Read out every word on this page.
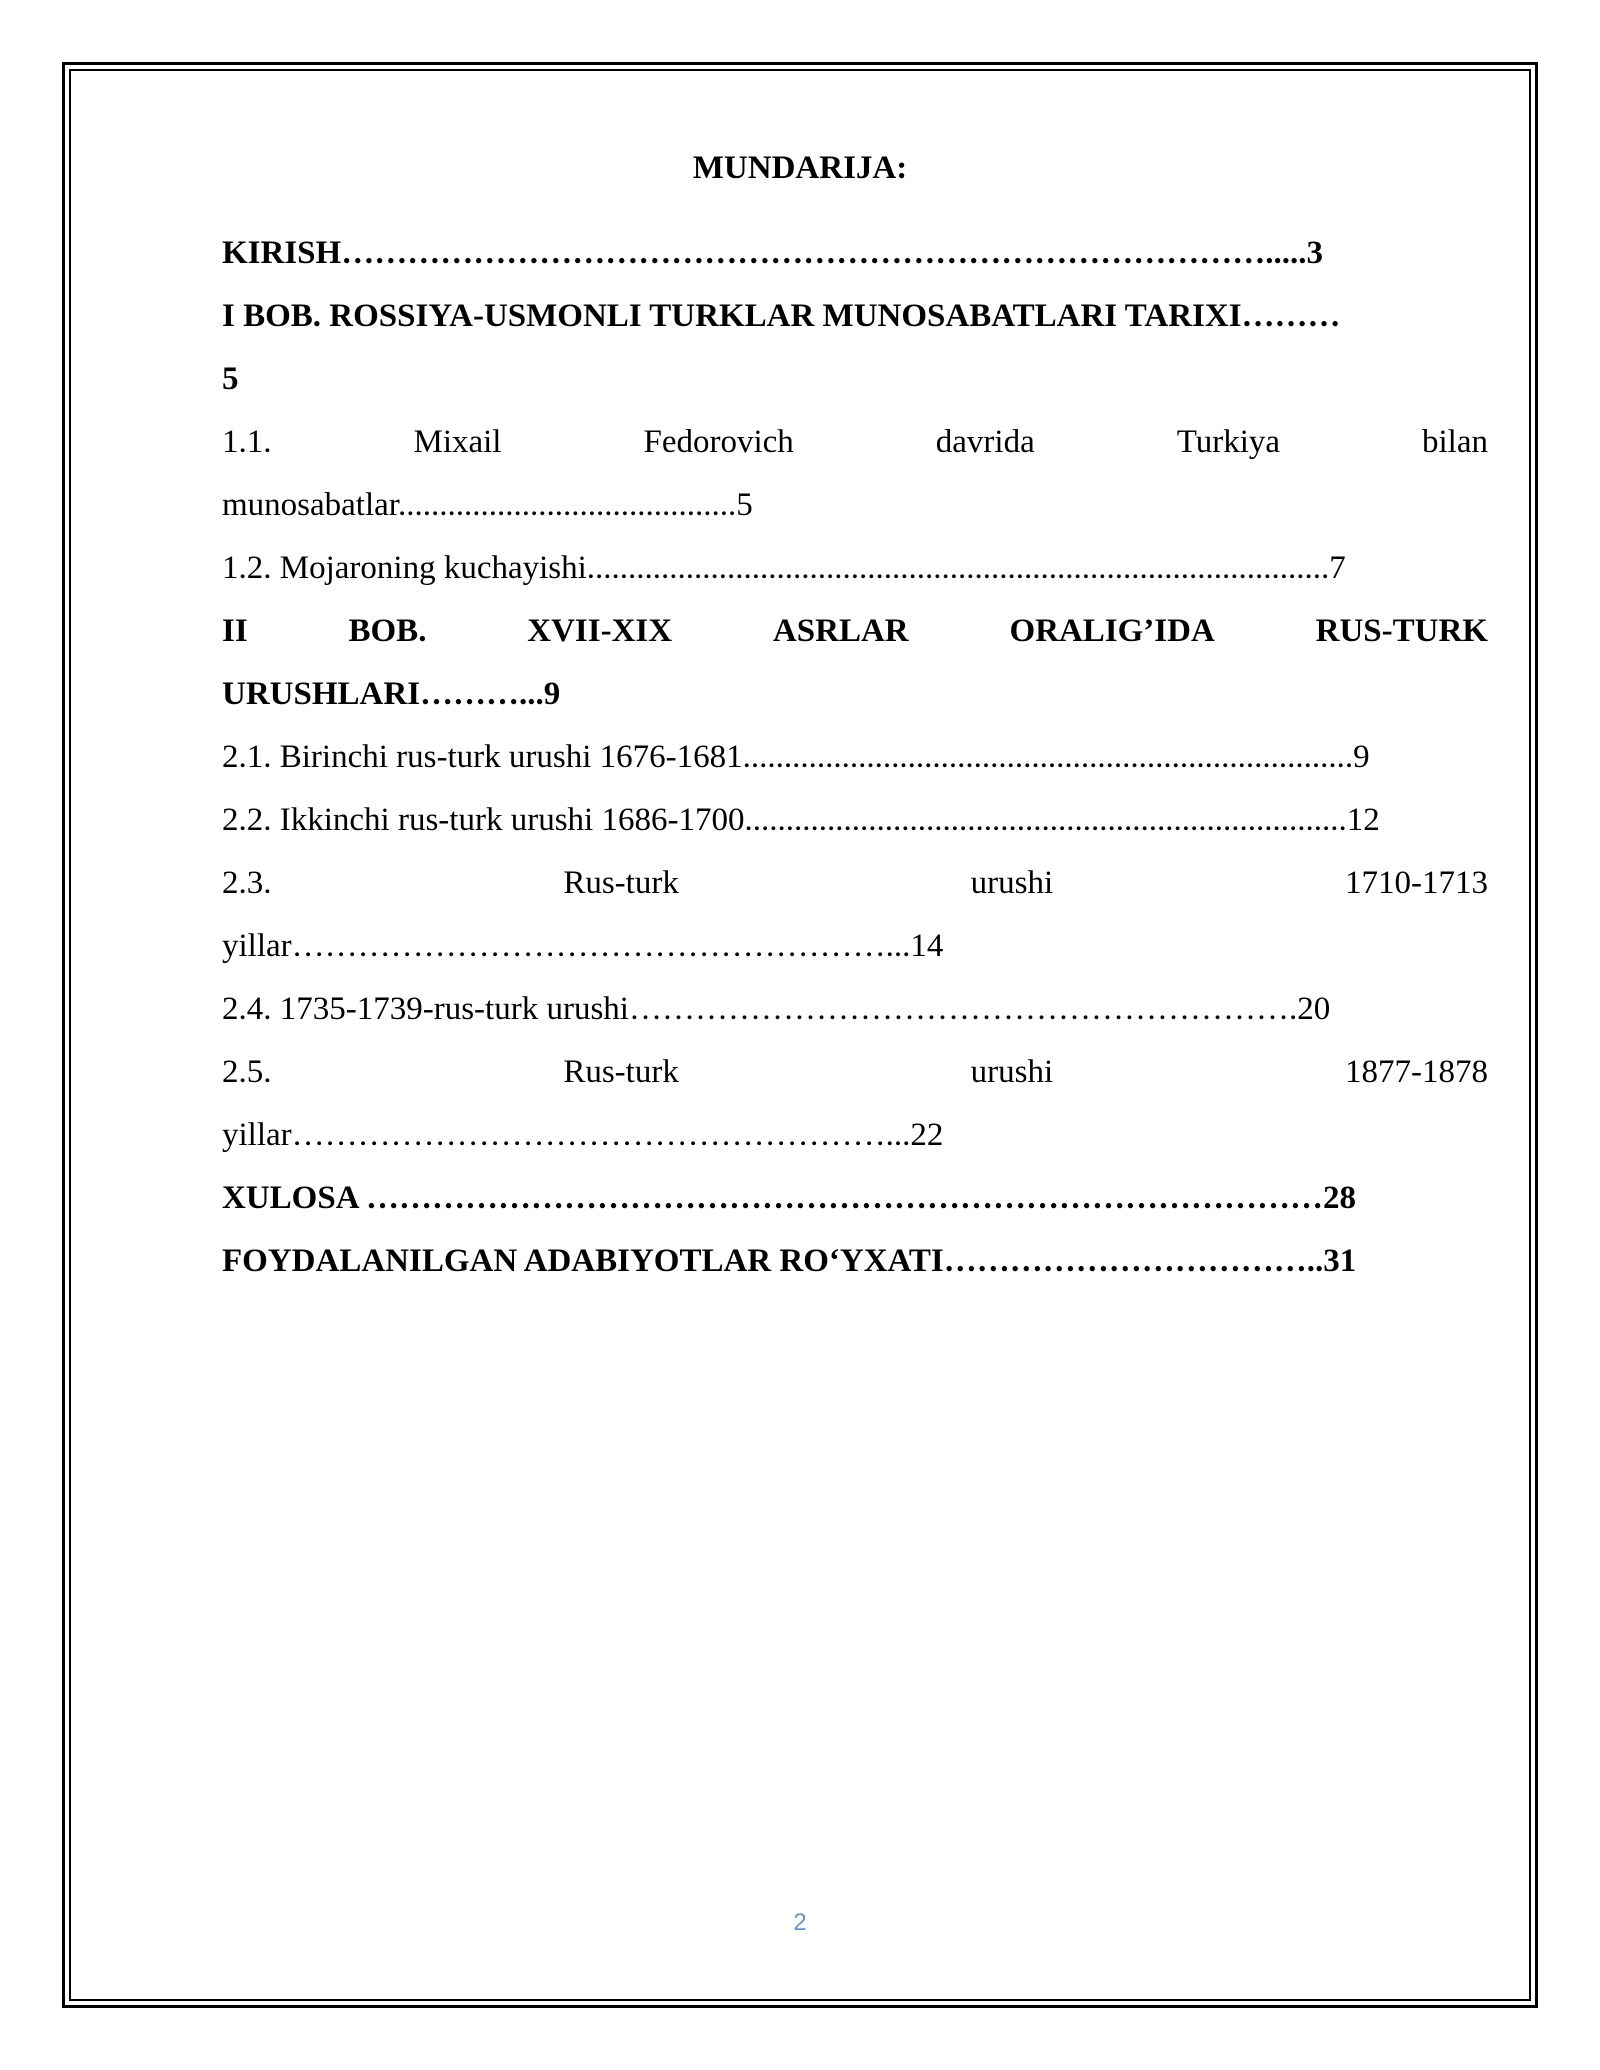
MUNDARIJA:
KIRISH………………………………………………………………………….....3
I BOB. ROSSIYA-USMONLI TURKLAR MUNOSABATLARI TARIXI………
5
1.1.	Mixail	Fedorovich	davrida	Turkiya	bilan
munosabatlar.........................................5
1.2. Mojaroning kuchayishi..........................................................................................7
II	BOB.	XVII-XIX	ASRLAR	ORALIG’IDA	RUS-TURK
URUSHLARI………...9
2.1. Birinchi rus-turk urushi 1676-1681..........................................................................9
2.2. Ikkinchi rus-turk urushi 1686-1700.........................................................................12
2.3.	Rus-turk	urushi	1710-1713
yillar………………………………………………...14
2.4. 1735-1739-rus-turk urushi…………………………………………………….20
2.5.	Rus-turk	urushi	1877-1878
yillar………………………………………………...22
XULOSA ……………………………………………………………………………28
FOYDALANILGAN ADABIYOTLAR RO‘YXATI……………………………..31
2
